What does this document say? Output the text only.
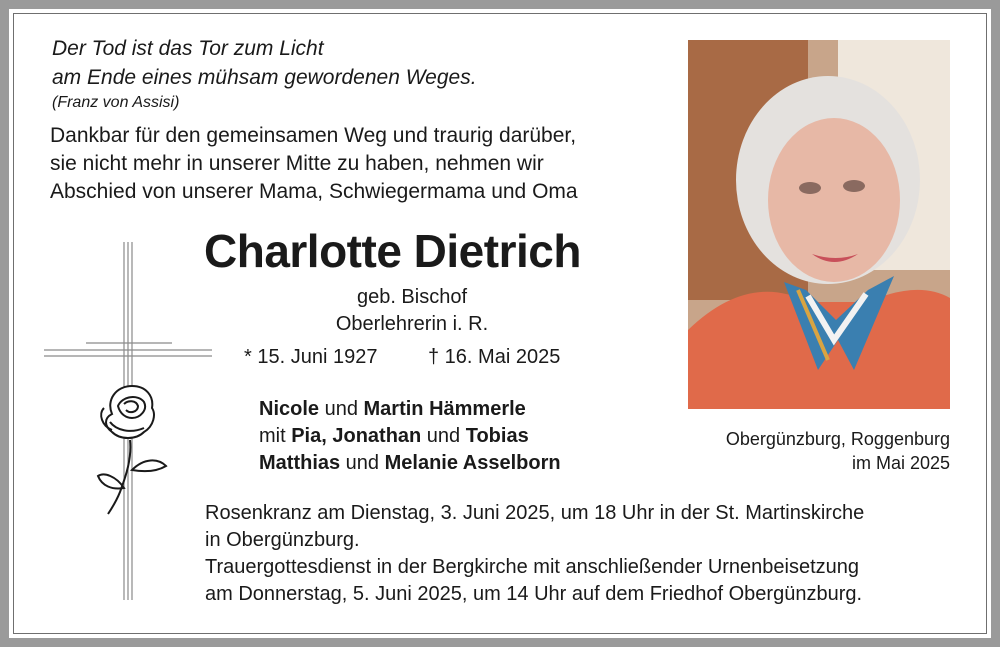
Der Tod ist das Tor zum Licht
am Ende eines mühsam gewordenen Weges.
(Franz von Assisi)
Dankbar für den gemeinsamen Weg und traurig darüber,
sie nicht mehr in unserer Mitte zu haben, nehmen wir
Abschied von unserer Mama, Schwiegermama und Oma
Charlotte Dietrich
geb. Bischof
Oberlehrerin i. R.
* 15. Juni 1927	† 16. Mai 2025
Nicole und Martin Hämmerle
mit Pia, Jonathan und Tobias
Matthias und Melanie Asselborn
Obergünzburg, Roggenburg
im Mai 2025
Rosenkranz am Dienstag, 3. Juni 2025, um 18 Uhr in der St. Martinskirche
in Obergünzburg.
Trauergottesdienst in der Bergkirche mit anschließender Urnenbeisetzung
am Donnerstag, 5. Juni 2025, um 14 Uhr auf dem Friedhof Obergünzburg.
